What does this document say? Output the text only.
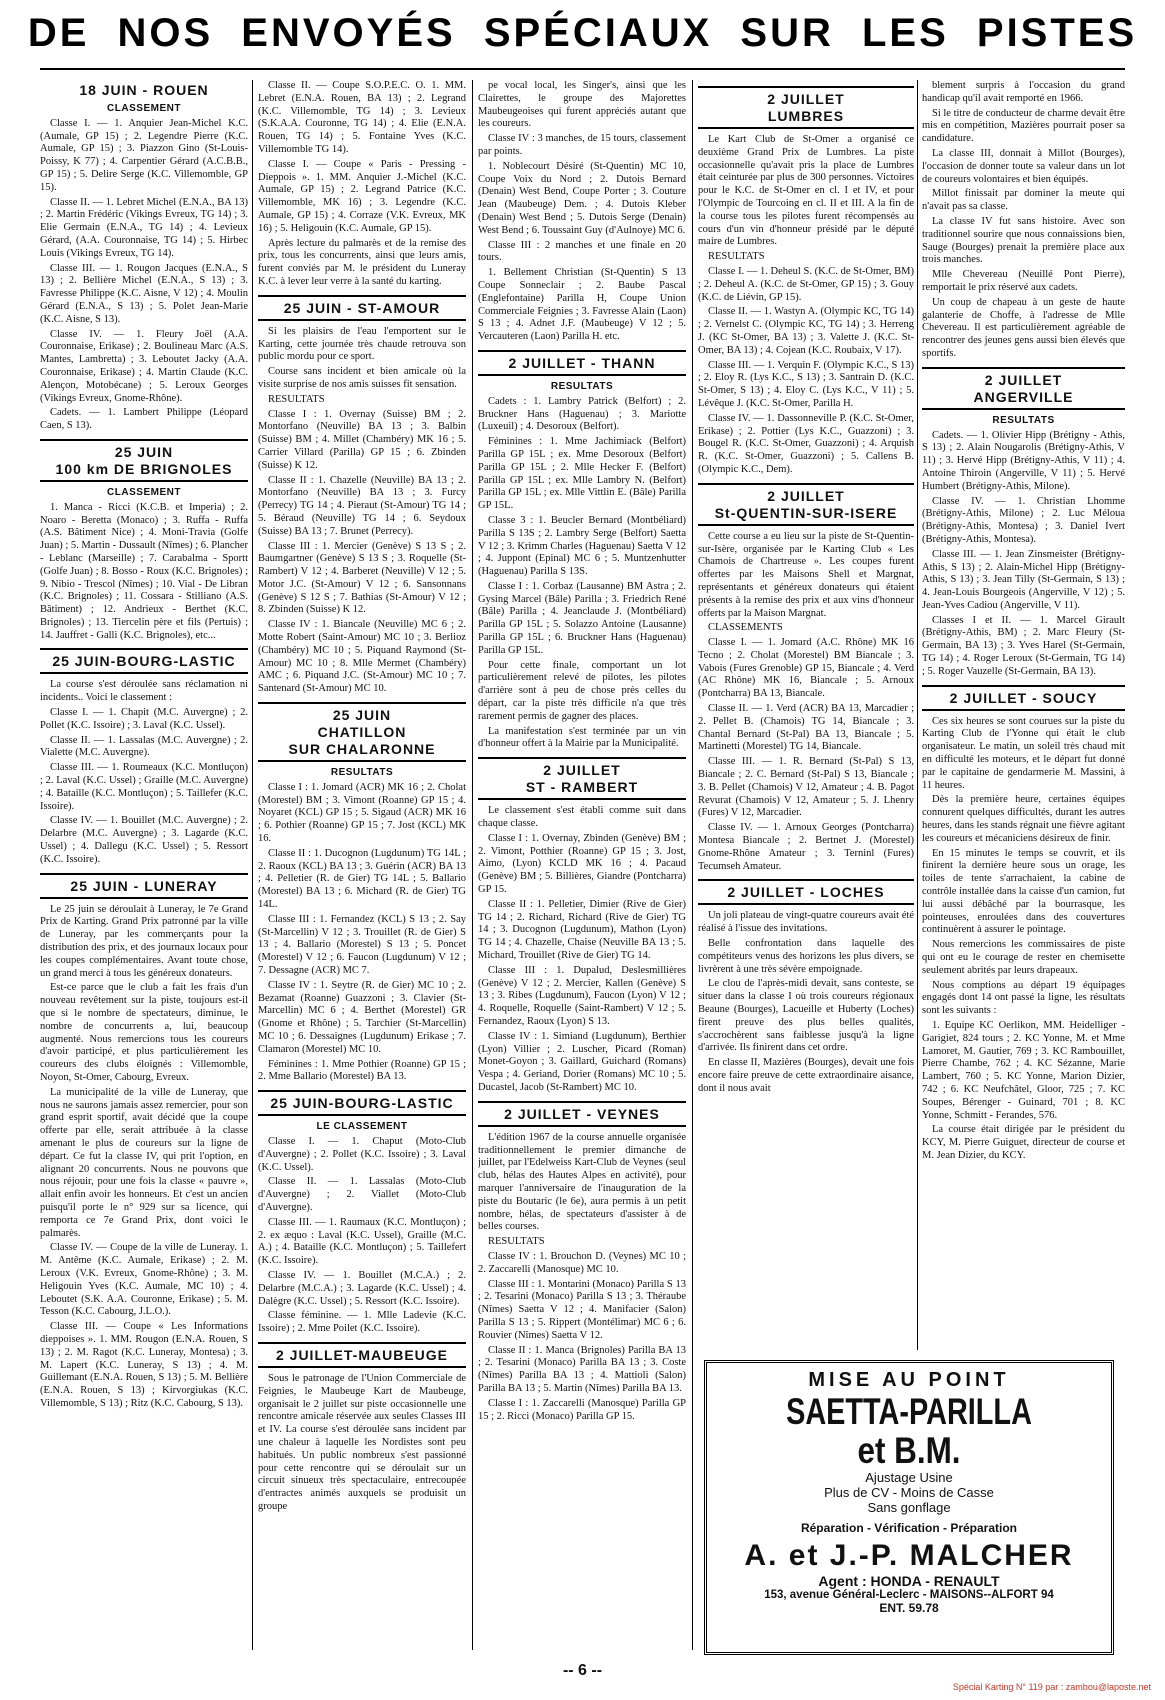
DE NOS ENVOYÉS SPÉCIAUX SUR LES PISTES
18 JUIN - ROUEN
CLASSEMENT
Classe I. — 1. Anquier Jean-Michel K.C. (Aumale, GP 15) ; 2. Legendre Pierre (K.C. Aumale, GP 15) ; 3. Piazzon Gino (St-Louis-Poissy, K 77) ; 4. Carpentier Gérard (A.C.B.B., GP 15) ; 5. Delire Serge (K.C. Villemomble, GP 15).
Classe II. — 1. Lebret Michel (E.N.A., BA 13) ; 2. Martin Frédéric (Vikings Evreux, TG 14) ; 3. Elie Germain (E.N.A., TG 14) ; 4. Levieux Gérard, (A.A. Couronnaise, TG 14) ; 5. Hirbec Louis (Vikings Evreux, TG 14).
Classe III. — 1. Rougon Jacques (E.N.A., S 13) ; 2. Bellière Michel (E.N.A., S 13) ; 3. Favresse Philippe (K.C. Aisne, V 12) ; 4. Moulin Gérard (E.N.A., S 13) ; 5. Polet Jean-Marie (K.C. Aisne, S 13).
Classe IV. — 1. Fleury Joël (A.A. Couronnaise, Erikase) ; 2. Boulineau Marc (A.S. Mantes, Lambretta) ; 3. Leboutet Jacky (A.A. Couronnaise, Erikase) ; 4. Martin Claude (K.C. Alençon, Motobécane) ; 5. Leroux Georges (Vikings Evreux, Gnome-Rhône).
Cadets. — 1. Lambert Philippe (Léopard Caen, S 13).
25 JUIN
100 km DE BRIGNOLES
CLASSEMENT
1. Manca - Ricci (K.C.B. et Imperia) ; 2. Noaro - Beretta (Monaco) ; 3. Ruffa - Ruffa (A.S. Bâtiment Nice) ; 4. Moni-Travia (Golfe Juan) ; 5. Martin - Dussault (Nîmes) ; 6. Plancher - Leblanc (Marseille) ; 7. Carabalma - Sportt (Golfe Juan) ; 8. Bosso - Roux (K.C. Brignoles) ; 9. Nibio - Trescol (Nîmes) ; 10. Vial - De Libran (K.C. Brignoles) ; 11. Cossara - Stilliano (A.S. Bâtiment) ; 12. Andrieux - Berthet (K.C. Brignoles) ; 13. Tiercelin père et fils (Pertuis) ; 14. Jauffret - Galli (K.C. Brignoles), etc...
25 JUIN-BOURG-LASTIC
La course s'est déroulée sans réclamation ni incidents.. Voici le classement :
Classe I. — 1. Chapit (M.C. Auvergne) ; 2. Pollet (K.C. Issoire) ; 3. Laval (K.C. Ussel).
Classe II. — 1. Lassalas (M.C. Auvergne) ; 2. Vialette (M.C. Auvergne).
Classe III. — 1. Roumeaux (K.C. Montluçon) ; 2. Laval (K.C. Ussel) ; Graille (M.C. Auvergne) ; 4. Bataille (K.C. Montluçon) ; 5. Taillefer (K.C. Issoire).
Classe IV. — 1. Bouillet (M.C. Auvergne) ; 2. Delarbre (M.C. Auvergne) ; 3. Lagarde (K.C. Ussel) ; 4. Dallegu (K.C. Ussel) ; 5. Ressort (K.C. Issoire).
25 JUIN - LUNERAY
Le 25 juin se déroulait à Luneray, le 7e Grand Prix de Karting. Grand Prix patronné par la ville de Luneray, par les commerçants pour la distribution des prix, et des journaux locaux pour les coupes complémentaires. Avant toute chose, un grand merci à tous les généreux donateurs.
Est-ce parce que le club a fait les frais d'un nouveau revêtement sur la piste, toujours est-il que si le nombre de spectateurs, diminue, le nombre de concurrents a, lui, beaucoup augmenté. Nous remercions tous les coureurs d'avoir participé, et plus particulièrement les coureurs des clubs éloignés : Villemomble, Noyon, St-Omer, Cabourg, Evreux.
La municipalité de la ville de Luneray, que nous ne saurons jamais assez remercier, pour son grand esprit sportif, avait décidé que la coupe offerte par elle, serait attribuée à la classe amenant le plus de coureurs sur la ligne de départ. Ce fut la classe IV, qui prit l'option, en alignant 20 concurrents. Nous ne pouvons que nous réjouir, pour une fois la classe « pauvre », allait enfin avoir les honneurs. Et c'est un ancien puisqu'il porte le n° 929 sur sa licence, qui remporta ce 7e Grand Prix, dont voici le palmarès.
Classe IV. — Coupe de la ville de Luneray. 1. M. Antême (K.C. Aumale, Erikase) ; 2. M. Leroux (V.K. Evreux, Gnome-Rhône) ; 3. M. Heligouin Yves (K.C. Aumale, MC 10) ; 4. Leboutet (S.K. A.A. Couronne, Erikase) ; 5. M. Tesson (K.C. Cabourg, J.L.O.).
Classe III. — Coupe « Les Informations dieppoises ». 1. MM. Rougon (E.N.A. Rouen, S 13) ; 2. M. Ragot (K.C. Luneray, Montesa) ; 3. M. Lapert (K.C. Luneray, S 13) ; 4. M. Guillemant (E.N.A. Rouen, S 13) ; 5. M. Bellière (E.N.A. Rouen, S 13) ; Kirvorgiukas (K.C. Villemomble, S 13) ; Ritz (K.C. Cabourg, S 13).
Classe II. — Coupe S.O.P.E.C. O. 1. MM. Lebret (E.N.A. Rouen, BA 13) ; 2. Legrand (K.C. Villemomble, TG 14) ; 3. Levieux (S.K.A.A. Couronne, TG 14) ; 4. Elie (E.N.A. Rouen, TG 14) ; 5. Fontaine Yves (K.C. Villemomble TG 14).
Classe I. — Coupe « Paris - Pressing - Dieppois ». 1. MM. Anquier J.-Michel (K.C. Aumale, GP 15) ; 2. Legrand Patrice (K.C. Villemomble, MK 16) ; 3. Legendre (K.C. Aumale, GP 15) ; 4. Corraze (V.K. Evreux, MK 16) ; 5. Heligouin (K.C. Aumale, GP 15).
Après lecture du palmarès et de la remise des prix, tous les concurrents, ainsi que leurs amis, furent conviés par M. le président du Luneray K.C. à lever leur verre à la santé du karting.
25 JUIN - ST-AMOUR
Si les plaisirs de l'eau l'emportent sur le Karting, cette journée très chaude retrouva son public mordu pour ce sport.
Course sans incident et bien amicale où la visite surprise de nos amis suisses fit sensation.
RESULTATS
Classe I : 1. Overnay (Suisse) BM ; 2. Montorfano (Neuville) BA 13 ; 3. Balbin (Suisse) BM ; 4. Millet (Chambéry) MK 16 ; 5. Carrier Villard (Parilla) GP 15 ; 6. Zbinden (Suisse) K 12.
Classe II : 1. Chazelle (Neuville) BA 13 ; 2. Montorfano (Neuville) BA 13 ; 3. Furcy (Perrecy) TG 14 ; 4. Pieraut (St-Amour) TG 14 ; 5. Béraud (Neuville) TG 14 ; 6. Seydoux (Suisse) BA 13 ; 7. Brunet (Perrecy).
Classe III : 1. Mercier (Genève) S 13 S ; 2. Baumgartner (Genève) S 13 S ; 3. Roquelle (St-Rambert) V 12 ; 4. Barberet (Neuville) V 12 ; 5. Motor J.C. (St-Amour) V 12 ; 6. Sansonnans (Genève) S 12 S ; 7. Bathias (St-Amour) V 12 ; 8. Zbinden (Suisse) K 12.
Classe IV : 1. Biancale (Neuville) MC 6 ; 2. Motte Robert (Saint-Amour) MC 10 ; 3. Berlioz (Chambéry) MC 10 ; 5. Piquand Raymond (St-Amour) MC 10 ; 8. Mlle Mermet (Chambéry) AMC ; 6. Piquand J.C. (St-Amour) MC 10 ; 7. Santenard (St-Amour) MC 10.
25 JUIN
CHATILLON
SUR CHALARONNE
RESULTATS
Classe I : 1. Jomard (ACR) MK 16 ; 2. Cholat (Morestel) BM ; 3. Vimont (Roanne) GP 15 ; 4. Noyaret (KCL) GP 15 ; 5. Sigaud (ACR) MK 16 ; 6. Pothier (Roanne) GP 15 ; 7. Jost (KCL) MK 16.
Classe II : 1. Ducognon (Lugdunum) TG 14L ; 2. Raoux (KCL) BA 13 ; 3. Guérin (ACR) BA 13 ; 4. Pelletier (R. de Gier) TG 14L ; 5. Ballario (Morestel) BA 13 ; 6. Michard (R. de Gier) TG 14L.
Classe III : 1. Fernandez (KCL) S 13 ; 2. Say (St-Marcellin) V 12 ; 3. Trouillet (R. de Gier) S 13 ; 4. Ballario (Morestel) S 13 ; 5. Poncet (Morestel) V 12 ; 6. Faucon (Lugdunum) V 12 ; 7. Dessagne (ACR) MC 7.
Classe IV : 1. Seytre (R. de Gier) MC 10 ; 2. Bezamat (Roanne) Guazzoni ; 3. Clavier (St-Marcellin) MC 6 ; 4. Berthet (Morestel) GR (Gnome et Rhône) ; 5. Tarchier (St-Marcellin) MC 10 ; 6. Dessaignes (Lugdunum) Erikase ; 7. Clamaron (Morestel) MC 10.
Féminines : 1. Mme Pothier (Roanne) GP 15 ; 2. Mme Ballario (Morestel) BA 13.
25 JUIN-BOURG-LASTIC
LE CLASSEMENT
Classe I. — 1. Chaput (Moto-Club d'Auvergne) ; 2. Pollet (K.C. Issoire) ; 3. Laval (K.C. Ussel).
Classe II. — 1. Lassalas (Moto-Club d'Auvergne) ; 2. Viallet (Moto-Club d'Auvergne).
Classe III. — 1. Raumaux (K.C. Montluçon) ; 2. ex æquo : Laval (K.C. Ussel), Graille (M.C. A.) ; 4. Bataille (K.C. Montluçon) ; 5. Taillefert (K.C. Issoire).
Classe IV. — 1. Bouillet (M.C.A.) ; 2. Delarbre (M.C.A.) ; 3. Lagarde (K.C. Ussel) ; 4. Dalègre (K.C. Ussel) ; 5. Ressort (K.C. Issoire).
Classe féminine. — 1. Mlle Ladevie (K.C. Issoire) ; 2. Mme Poilet (K.C. Issoire).
2 JUILLET-MAUBEUGE
Sous le patronage de l'Union Commerciale de Feignies, le Maubeuge Kart de Maubeuge, organisait le 2 juillet sur piste occasionnelle une rencontre amicale réservée aux seules Classes III et IV. La course s'est déroulée sans incident par une chaleur à laquelle les Nordistes sont peu habitués. Un public nombreux s'est passionné pour cette rencontre qui se déroulait sur un circuit sinueux très spectaculaire, entrecoupée d'entractes animés auxquels se produisit un groupe
pe vocal local, les Singer's, ainsi que les Clairettes, le groupe des Majorettes Maubeugeoises qui furent appréciés autant que les coureurs.
Classe IV : 3 manches, de 15 tours, classement par points.
1. Noblecourt Désiré (St-Quentin) MC 10, Coupe Voix du Nord ; 2. Dutois Bernard (Denain) West Bend, Coupe Porter ; 3. Couture Jean (Maubeuge) Dem. ; 4. Dutois Kleber (Denain) West Bend ; 5. Dutois Serge (Denain) West Bend ; 6. Toussaint Guy (d'Aulnoye) MC 6.
Classe III : 2 manches et une finale en 20 tours.
1. Bellement Christian (St-Quentin) S 13 Coupe Sonneclair ; 2. Baube Pascal (Englefontaine) Parilla H, Coupe Union Commerciale Feignies ; 3. Favresse Alain (Laon) S 13 ; 4. Adnet J.F. (Maubeuge) V 12 ; 5. Vercauteren (Laon) Parilla H. etc.
2 JUILLET - THANN
RESULTATS
Cadets : 1. Lambry Patrick (Belfort) ; 2. Bruckner Hans (Haguenau) ; 3. Mariotte (Luxeuil) ; 4. Desoroux (Belfort).
Féminines : 1. Mme Jachimiack (Belfort) Parilla GP 15L ; ex. Mme Desoroux (Belfort) Parilla GP 15L ; 2. Mlle Hecker F. (Belfort) Parilla GP 15L ; ex. Mlle Lambry N. (Belfort) Parilla GP 15L ; ex. Mlle Vittlin E. (Bâle) Parilla GP 15L.
Classe 3 : 1. Beucler Bernard (Montbéliard) Parilla S 13S ; 2. Lambry Serge (Belfort) Saetta V 12 ; 3. Krimm Charles (Haguenau) Saetta V 12 ; 4. Juppont (Epinal) MC 6 ; 5. Muntzenhutter (Haguenau) Parilla S 13S.
Classe I : 1. Corbaz (Lausanne) BM Astra ; 2. Gysing Marcel (Bâle) Parilla ; 3. Friedrich René (Bâle) Parilla ; 4. Jeanclaude J. (Montbéliard) Parilla GP 15L ; 5. Solazzo Antoine (Lausanne) Parilla GP 15L ; 6. Bruckner Hans (Haguenau) Parilla GP 15L.
Pour cette finale, comportant un lot particulièrement relevé de pilotes, les pilotes d'arrière sont à peu de chose près celles du départ, car la piste très difficile n'a que très rarement permis de gagner des places.
La manifestation s'est terminée par un vin d'honneur offert à la Mairie par la Municipalité.
2 JUILLET
ST - RAMBERT
Le classement s'est établi comme suit dans chaque classe.
Classe I : 1. Overnay, Zbinden (Genève) BM ; 2. Vimont, Potthier (Roanne) GP 15 ; 3. Jost, Aimo, (Lyon) KCLD MK 16 ; 4. Pacaud (Genève) BM ; 5. Billières, Giandre (Pontcharra) GP 15.
Classe II : 1. Pelletier, Dimier (Rive de Gier) TG 14 ; 2. Richard, Richard (Rive de Gier) TG 14 ; 3. Ducognon (Lugdunum), Mathon (Lyon) TG 14 ; 4. Chazelle, Chaise (Neuville BA 13 ; 5. Michard, Trouillet (Rive de Gier) TG 14.
Classe III : 1. Dupalud, Deslesmillières (Genève) V 12 ; 2. Mercier, Kallen (Genève) S 13 ; 3. Ribes (Lugdunum), Faucon (Lyon) V 12 ; 4. Roquelle, Roquelle (Saint-Rambert) V 12 ; 5. Fernandez, Raoux (Lyon) S 13.
Classe IV : 1. Simiand (Lugdunum), Berthier (Lyon) Villier ; 2. Luscher, Picard (Roman) Monet-Goyon ; 3. Gaillard, Guichard (Romans) Vespa ; 4. Geriand, Dorier (Romans) MC 10 ; 5. Ducastel, Jacob (St-Rambert) MC 10.
2 JUILLET - VEYNES
L'édition 1967 de la course annuelle organisée traditionnellement le premier dimanche de juillet, par l'Edelweiss Kart-Club de Veynes (seul club, hélas des Hautes Alpes en activité), pour marquer l'anniversaire de l'inauguration de la piste du Boutaric (le 6e), aura permis à un petit nombre, hélas, de spectateurs d'assister à de belles courses.
RESULTATS
Classe IV : 1. Brouchon D. (Veynes) MC 10 ; 2. Zaccarelli (Manosque) MC 10.
Classe III : 1. Montarini (Monaco) Parilla S 13 ; 2. Tesarini (Monaco) Parilla S 13 ; 3. Théraube (Nîmes) Saetta V 12 ; 4. Manifacier (Salon) Parilla S 13 ; 5. Rippert (Montélimar) MC 6 ; 6. Rouvier (Nîmes) Saetta V 12.
Classe II : 1. Manca (Brignoles) Parilla BA 13 ; 2. Tesarini (Monaco) Parilla BA 13 ; 3. Coste (Nîmes) Parilla BA 13 ; 4. Mattioli (Salon) Parilla BA 13 ; 5. Martin (Nîmes) Parilla BA 13.
Classe I : 1. Zaccarelli (Manosque) Parilla GP 15 ; 2. Ricci (Monaco) Parilla GP 15.
2 JUILLET
LUMBRES
Le Kart Club de St-Omer a organisé ce deuxième Grand Prix de Lumbres. La piste occasionnelle qu'avait pris la place de Lumbres était ceinturée par plus de 300 personnes. Victoires pour le K.C. de St-Omer en cl. I et IV, et pour l'Olympic de Tourcoing en cl. II et III. A la fin de la course tous les pilotes furent récompensés au cours d'un vin d'honneur présidé par le député maire de Lumbres.
RESULTATS
Classe I. — 1. Deheul S. (K.C. de St-Omer, BM) ; 2. Deheul A. (K.C. de St-Omer, GP 15) ; 3. Gouy (K.C. de Liévin, GP 15).
Classe II. — 1. Wastyn A. (Olympic KC, TG 14) ; 2. Vernelst C. (Olympic KC, TG 14) ; 3. Herreng J. (KC St-Omer, BA 13) ; 3. Valette J. (K.C. St-Omer, BA 13) ; 4. Cojean (K.C. Roubaix, V 17).
Classe III. — 1. Verquin F. (Olympic K.C., S 13) ; 2. Eloy R. (Lys K.C., S 13) ; 3. Santrain D. (K.C. St-Omer, S 13) ; 4. Eloy C. (Lys K.C., V 11) ; 5. Lévêque J. (K.C. St-Omer, Parilla H.
Classe IV. — 1. Dassonneville P. (K.C. St-Omer, Erikase) ; 2. Pottier (Lys K.C., Guazzoni) ; 3. Bougel R. (K.C. St-Omer, Guazzoni) ; 4. Arquish R. (K.C. St-Omer, Guazzoni) ; 5. Callens B. (Olympic K.C., Dem).
2 JUILLET
St-QUENTIN-SUR-ISERE
Cette course a eu lieu sur la piste de St-Quentin-sur-Isère, organisée par le Karting Club « Les Chamois de Chartreuse ». Les coupes furent offertes par les Maisons Shell et Margnat, représentants et généreux donateurs qui étaient présents à la remise des prix et aux vins d'honneur offerts par la Maison Margnat.
CLASSEMENTS
Classe I. — 1. Jomard (A.C. Rhône) MK 16 Tecno ; 2. Cholat (Morestel) BM Biancale ; 3. Vabois (Fures Grenoble) GP 15, Biancale ; 4. Verd (AC Rhône) MK 16, Biancale ; 5. Arnoux (Pontcharra) BA 13, Biancale.
Classe II. — 1. Verd (ACR) BA 13, Marcadier ; 2. Pellet B. (Chamois) TG 14, Biancale ; 3. Chantal Bernard (St-Pal) BA 13, Biancale ; 5. Martinetti (Morestel) TG 14, Biancale.
Classe III. — 1. R. Bernard (St-Pal) S 13, Biancale ; 2. C. Bernard (St-Pal) S 13, Biancale ; 3. B. Pellet (Chamois) V 12, Amateur ; 4. B. Pagot Revurat (Chamois) V 12, Amateur ; 5. J. Lhenry (Fures) V 12, Marcadier.
Classe IV. — 1. Arnoux Georges (Pontcharra) Montesa Biancale ; 2. Bertnet J. (Morestel) Gnome-Rhône Amateur ; 3. Terninl (Fures) Tecumseh Amateur.
2 JUILLET - LOCHES
Un joli plateau de vingt-quatre coureurs avait été réalisé à l'issue des invitations.
Belle confrontation dans laquelle des compétiteurs venus des horizons les plus divers, se livrèrent à une très sévère empoignade.
Le clou de l'après-midi devait, sans conteste, se situer dans la classe I où trois coureurs régionaux Beaune (Bourges), Lacueille et Huberty (Loches) firent preuve des plus belles qualités, s'accrochèrent sans faiblesse jusqu'à la ligne d'arrivée. Ils finirent dans cet ordre.
En classe II, Mazières (Bourges), devait une fois encore faire preuve de cette extraordinaire aisance, dont il nous avait
blement surpris à l'occasion du grand handicap qu'il avait remporté en 1966.
Si le titre de conducteur de charme devait être mis en compétition, Mazières pourrait poser sa candidature.
La classe III, donnait à Millot (Bourges), l'occasion de donner toute sa valeur dans un lot de coureurs volontaires et bien équipés.
Millot finissait par dominer la meute qui n'avait pas sa classe.
La classe IV fut sans histoire. Avec son traditionnel sourire que nous connaissions bien, Sauge (Bourges) prenait la première place aux trois manches.
Mlle Chevereau (Neuillé Pont Pierre), remportait le prix réservé aux cadets.
Un coup de chapeau à un geste de haute galanterie de Choffe, à l'adresse de Mlle Chevereau. Il est particulièrement agréable de rencontrer des jeunes gens aussi bien élevés que sportifs.
2 JUILLET
ANGERVILLE
RESULTATS
Cadets. — 1. Olivier Hipp (Brétigny - Athis, S 13) ; 2. Alain Nougarolis (Brétigny-Athis, V 11) ; 3. Hervé Hipp (Brétigny-Athis, V 11) ; 4. Antoine Thiroin (Angerville, V 11) ; 5. Hervé Humbert (Brétigny-Athis, Milone).
Classe IV. — 1. Christian Lhomme (Brétigny-Athis, Milone) ; 2. Luc Méloua (Brétigny-Athis, Montesa) ; 3. Daniel Ivert (Brétigny-Athis, Montesa).
Classe III. — 1. Jean Zinsmeister (Brétigny-Athis, S 13) ; 2. Alain-Michel Hipp (Brétigny-Athis, S 13) ; 3. Jean Tilly (St-Germain, S 13) ; 4. Jean-Louis Bourgeois (Angerville, V 12) ; 5. Jean-Yves Cadiou (Angerville, V 11).
Classes I et II. — 1. Marcel Girault (Brétigny-Athis, BM) ; 2. Marc Fleury (St-Germain, BA 13) ; 3. Yves Harel (St-Germain, TG 14) ; 4. Roger Leroux (St-Germain, TG 14) ; 5. Roger Vauzelle (St-Germain, BA 13).
2 JUILLET - SOUCY
Ces six heures se sont courues sur la piste du Karting Club de l'Yonne qui était le club organisateur. Le matin, un soleil très chaud mit en difficulté les moteurs, et le départ fut donné par le capitaine de gendarmerie M. Massini, à 11 heures.
Dès la première heure, certaines équipes connurent quelques difficultés, durant les autres heures, dans les stands régnait une fièvre agitant les coureurs et mécaniciens désireux de finir.
En 15 minutes le temps se couvrit, et ils finirent la dernière heure sous un orage, les toiles de tente s'arrachaient, la cabine de contrôle installée dans la caisse d'un camion, fut lui aussi débâché par la bourrasque, les pointeuses, enroulées dans des couvertures continuèrent à assurer le pointage.
Nous remercions les commissaires de piste qui ont eu le courage de rester en chemisette seulement abrités par leurs drapeaux.
Nous comptions au départ 19 équipages engagés dont 14 ont passé la ligne, les résultats sont les suivants :
1. Equipe KC Oerlikon, MM. Heidelliger - Garigiet, 824 tours ; 2. KC Yonne, M. et Mme Lamoret, M. Gautier, 769 ; 3. KC Rambouillet, Pierre Chambe, 762 ; 4. KC Sézanne, Marie Lambert, 760 ; 5. KC Yonne, Marion Dizier, 742 ; 6. KC Neufchâtel, Gloor, 725 ; 7. KC Soupes, Bérenger - Guinard, 701 ; 8. KC Yonne, Schmitt - Ferandes, 576.
La course était dirigée par le président du KCY, M. Pierre Guiguet, directeur de course et M. Jean Dizier, du KCY.
MISE AU POINT
SAETTA-PARILLA
et B.M.
Ajustage Usine
Plus de CV - Moins de Casse
Sans gonflage
Réparation - Vérification - Préparation
A. et J.-P. MALCHER
Agent : HONDA - RENAULT
153, avenue Général-Leclerc - MAISONS--ALFORT 94
ENT. 59.78
-- 6 --
Spécial Karting N° 119 par : zambou@laposte.net
